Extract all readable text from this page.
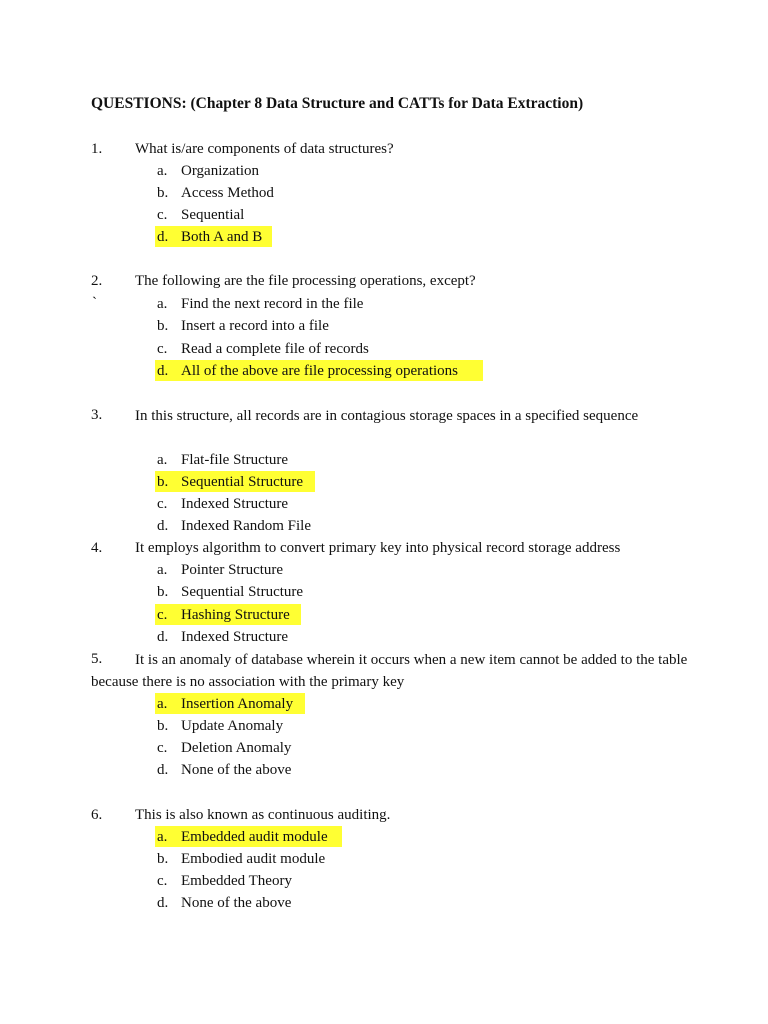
QUESTIONS: (Chapter 8 Data Structure and CATTs for Data Extraction)
1. What is/are components of data structures?
a. Organization
b. Access Method
c. Sequential
d. Both A and B
2. The following are the file processing operations, except?
`	a. Find the next record in the file
b. Insert a record into a file
c. Read a complete file of records
d. All of the above are file processing operations
3.	In this structure, all records are in contagious storage spaces in a specified sequence
a. Flat-file Structure
b. Sequential Structure
c. Indexed Structure
d. Indexed Random File
4. It employs algorithm to convert primary key into physical record storage address
a. Pointer Structure
b. Sequential Structure
c. Hashing Structure
d. Indexed Structure
5.	It is an anomaly of database wherein it occurs when a new item cannot be added to the table because there is no association with the primary key
a. Insertion Anomaly
b. Update Anomaly
c. Deletion Anomaly
d. None of the above
6. This is also known as continuous auditing.
a. Embedded audit module
b. Embodied audit module
c. Embedded Theory
d. None of the above
